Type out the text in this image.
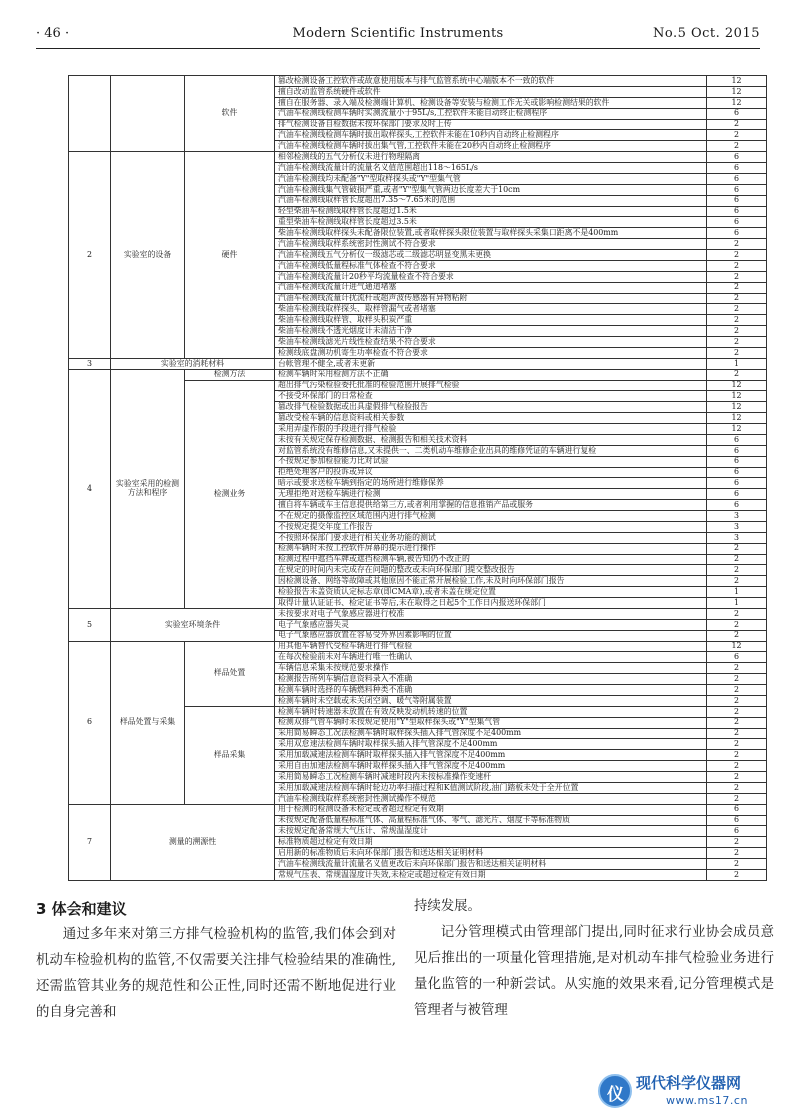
· 46 ·	Modern Scientific Instruments	No.5 Oct. 2015
		软件	篡改检测设备工控软件或故意使用版本与排气监管系统中心端版本不一致的软件	12
			擅自改动监管系统硬件或软件	12
			擅自在服务器、录入端及检测端计算机、检测设备等安装与检测工作无关或影响检测结果的软件	12
			汽油车检测线检测车辆时实测流量小于95L/s,工控软件未能自动终止检测程序	6
			排气检测设备自检数据未按环保部门要求及时上传	2
			汽油车检测线检测车辆时拔出取样探头,工控软件未能在10秒内自动终止检测程序	2
			汽油车检测线检测车辆时拔出集气管,工控软件未能在20秒内自动终止检测程序	2
2	实验室的设备	硬件	相邻检测线的五气分析仪未进行物理隔离	6
			汽油车检测线流量计的流量名义值范围超出118～165L/s	6
			汽油车检测线均未配备"Y"型取样探头或"Y"型集气管	6
			汽油车检测线集气管破损严重,或者"Y"型集气管两边长度差大于10cm	6
			汽油车检测线取样管长度超出7.35～7.65米的范围	6
			轻型柴油车检测线取样管长度超过1.5米	6
			重型柴油车检测线取样管长度超过3.5米	6
			柴油车检测线取样探头未配备限位装置,或者取样探头限位装置与取样探头采集口距离不是400mm	6
			汽油车检测线取样系统密封性测试不符合要求	2
			汽油车检测线五气分析仪一级滤芯或二级滤芯明显变黑未更换	2
			汽油车检测线低量程标准气体检查不符合要求	2
			汽油车检测线流量计20秒平均流量检查不符合要求	2
			汽油车检测线流量计进气通道堵塞	2
			汽油车检测线流量计扰流杆或超声波传感器有异物粘附	2
			柴油车检测线取样探头、取样管漏气或者堵塞	2
			柴油车检测线取样管、取样头积炭严重	2
			柴油车检测线不透光烟度计未清洁干净	2
			柴油车检测线滤光片线性检查结果不符合要求	2
			检测线底盘测功机寄生功率检查不符合要求	2
3	实验室的消耗材料		台帐管理不健全,或者未更新	1
4	实验室采用的检测方法和程序	检测方法	检测车辆时采用检测方法不正确	2
		检测业务	超出排气污染检验委托批准的检验范围开展排气检验	12
			不接受环保部门的日常检查	12
			篡改排气检验数据或出具虚假排气检验报告	12
			篡改受检车辆的信息资料或相关参数	12
			采用弄虚作假的手段进行排气检验	12
			未按有关规定保存检测数据、检测报告和相关技术资料	6
			对监管系统没有维修信息,又未提供一、二类机动车维修企业出具的维修凭证的车辆进行复检	6
			不按规定参加检验能力比对试验	6
			拒绝处理客户的投诉或异议	6
			暗示或要求送检车辆到指定的场所进行维修保养	6
			无理拒绝对送检车辆进行检测	6
			擅自将车辆或车主信息提供给第三方,或者利用掌握的信息推销产品或服务	6
			不在规定的摄像监控区域范围内进行排气检测	3
			不按规定提交年度工作报告	3
			不按照环保部门要求进行相关业务功能的测试	3
			检测车辆时未按工控软件屏幕的提示进行操作	2
			检测过程中遮挡车牌或遮挡检测车辆,被告知仍不改正的	2
			在规定的时间内未完成存在问题的整改或未向环保部门提交整改报告	2
			因检测设备、网络等故障或其他原因不能正常开展检验工作,未及时向环保部门报告	2
			检验报告未盖资质认定标志章(即CMA章),或者未盖在规定位置	1
			取得计量认证证书、检定证书等后,未在取得之日起5个工作日内报送环保部门	1
5	实验室环境条件		未按要求对电子气象感应器进行校准	2
			电子气象感应器失灵	2
			电子气象感应器放置在容易受外界因素影响的位置	2
6	样品处置与采集	样品处置	用其他车辆替代受检车辆进行排气检验	12
			在每次检验前未对车辆进行唯一性确认	6
			车辆信息采集未按规范要求操作	2
			检测报告所列车辆信息资料录入不准确	2
			检测车辆时选择的车辆燃料种类不准确	2
			检测车辆时未空载或未关闭空调、暖气等附属装置	2
		样品采集	检测车辆时转速器未放置在有效反映发动机转速的位置	2
			检测双排气管车辆时未按规定使用"Y"型取样探头或"Y"型集气管	2
			采用简易瞬态工况法检测车辆时取样探头插入排气管深度不足400mm	2
			采用双怠速法检测车辆时取样探头插入排气管深度不足400mm	2
			采用加载减速法检测车辆时取样探头插入排气管深度不足400mm	2
			采用自由加速法检测车辆时取样探头插入排气管深度不足400mm	2
			采用简易瞬态工况检测车辆时减速时段内未按标准操作变速杆	2
			采用加载减速法检测车辆时轮边功率扫描过程和K值测试阶段,油门踏板未处于全开位置	2
			汽油车检测线取样系统密封性测试操作不规范	2
7	测量的溯源性		用于检测的检测设备未检定或者超过检定有效期	6
			未按规定配备低量程标准气体、高量程标准气体、零气、滤光片、烟度卡等标准物质	6
			未按规定配备常规大气压计、常规温湿度计	6
			标准物质超过检定有效日期	2
			启用新的标准物质后未向环保部门报告和送达相关证明材料	2
			汽油车检测线流量计流量名义值更改后未向环保部门报告和送达相关证明材料	2
			常规气压表、常规温湿度计失效,未检定或超过检定有效日期	2
3 体会和建议

通过多年来对第三方排气检验机构的监管,我们体会到对机动车检验机构的监管,不仅需要关注排气检验结果的准确性,还需监管其业务的规范性和公正性,同时还需不断地促进行业的自身完善和

持续发展。

记分管理模式由管理部门提出,同时征求行业协会成员意见后推出的一项量化管理措施,是对机动车排气检验业务进行量化监管的一种新尝试。从实施的效果来看,记分管理模式是管理者与被管理

仪
现代科学仪器网
www.ms17.cn
